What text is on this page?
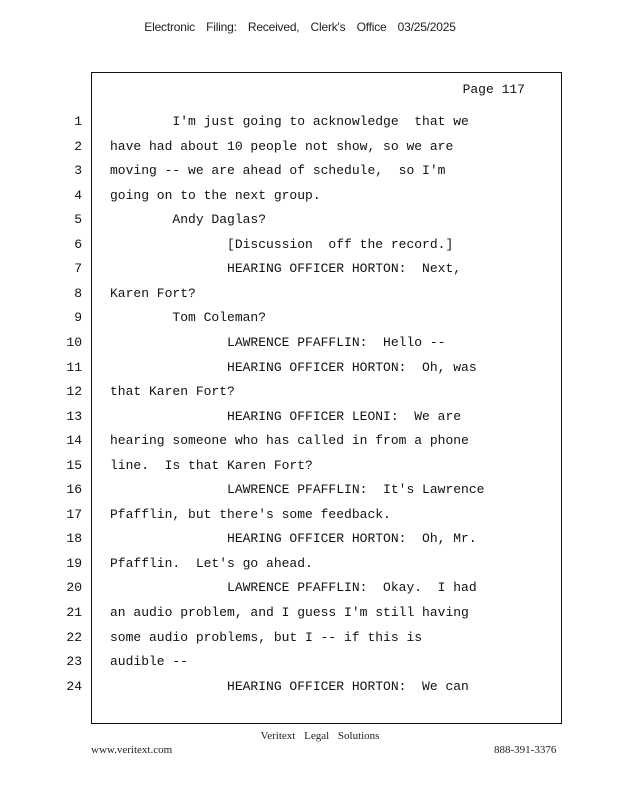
Electronic Filing: Received, Clerk's Office 03/25/2025
Page 117
1 I'm just going to acknowledge  that we
2 have had about 10 people not show, so we are
3 moving -- we are ahead of schedule,  so I'm
4 going on to the next group.
5 Andy Daglas?
6 [Discussion  off the record.]
7 HEARING OFFICER HORTON:  Next,
8 Karen Fort?
9 Tom Coleman?
10 LAWRENCE PFAFFLIN:  Hello --
11 HEARING OFFICER HORTON:  Oh, was
12 that Karen Fort?
13 HEARING OFFICER LEONI:  We are
14 hearing someone who has called in from a phone
15 line.  Is that Karen Fort?
16 LAWRENCE PFAFFLIN:  It's Lawrence
17 Pfafflin, but there's some feedback.
18 HEARING OFFICER HORTON:  Oh, Mr.
19 Pfafflin.  Let's go ahead.
20 LAWRENCE PFAFFLIN:  Okay.  I had
21 an audio problem, and I guess I'm still having
22 some audio problems, but I -- if this is
23 audible --
24 HEARING OFFICER HORTON:  We can
Veritext Legal Solutions
www.veritext.com	888-391-3376
